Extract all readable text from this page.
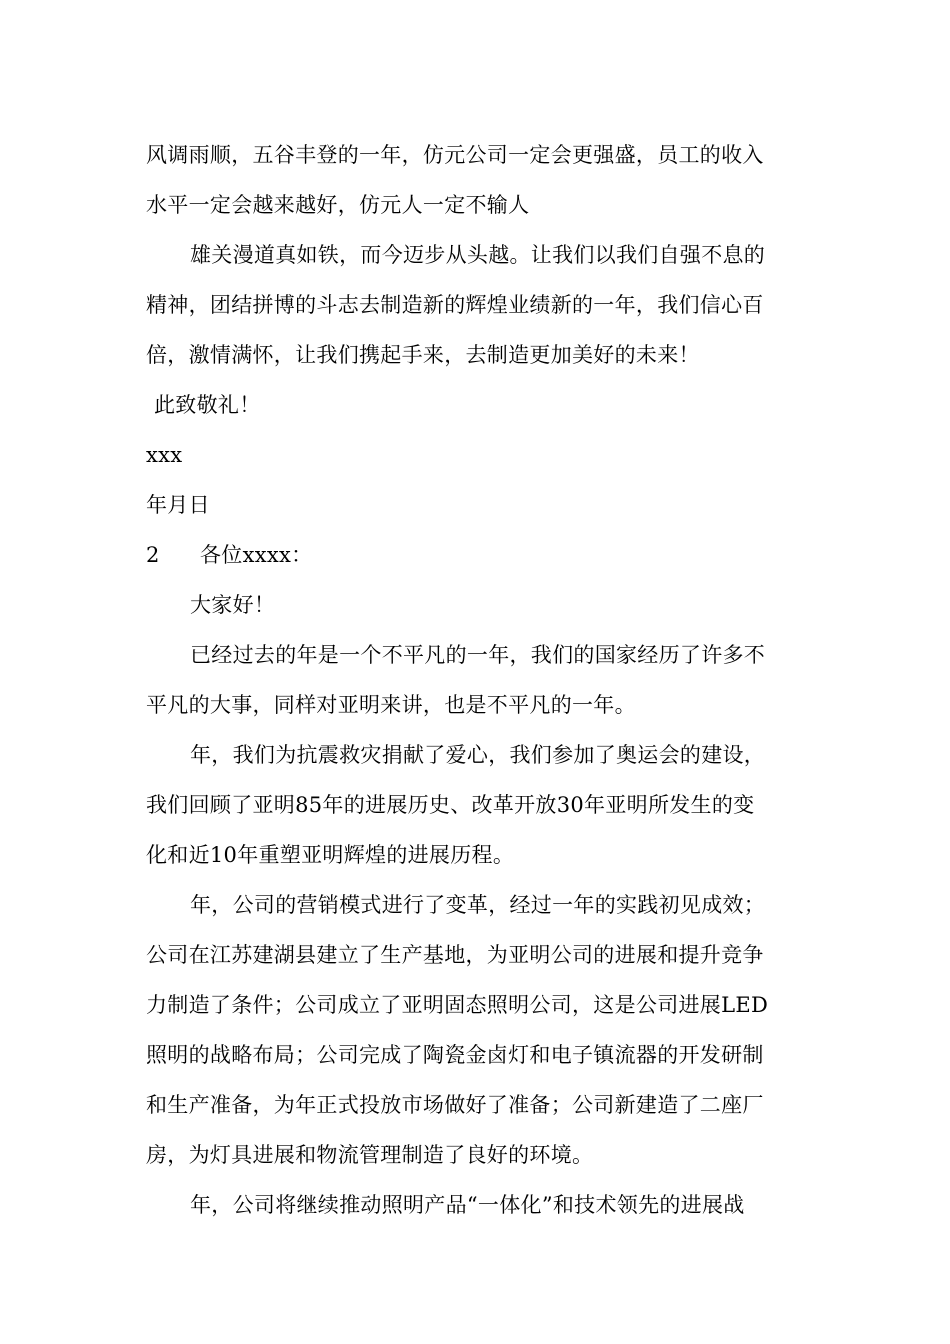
风调雨顺，五谷丰登的一年，仿元公司一定会更强盛，员工的收入
水平一定会越来越好，仿元人一定不输人
雄关漫道真如铁，而今迈步从头越。让我们以我们自强不息的
精神，团结拼博的斗志去制造新的辉煌业绩新的一年，我们信心百
倍，激情满怀，让我们携起手来，去制造更加美好的未来！
此致敬礼！
xxx
年月日
2 各位xxxx：
大家好！
已经过去的年是一个不平凡的一年，我们的国家经历了许多不
平凡的大事，同样对亚明来讲，也是不平凡的一年。
年，我们为抗震救灾捐献了爱心，我们参加了奥运会的建设，
我们回顾了亚明85年的进展历史、改革开放30年亚明所发生的变
化和近10年重塑亚明辉煌的进展历程。
年，公司的营销模式进行了变革，经过一年的实践初见成效；
公司在江苏建湖县建立了生产基地，为亚明公司的进展和提升竞争
力制造了条件；公司成立了亚明固态照明公司，这是公司进展LED
照明的战略布局；公司完成了陶瓷金卤灯和电子镇流器的开发研制
和生产准备，为年正式投放市场做好了准备；公司新建造了二座厂
房，为灯具进展和物流管理制造了良好的环境。
年，公司将继续推动照明产品“一体化”和技术领先的进展战
